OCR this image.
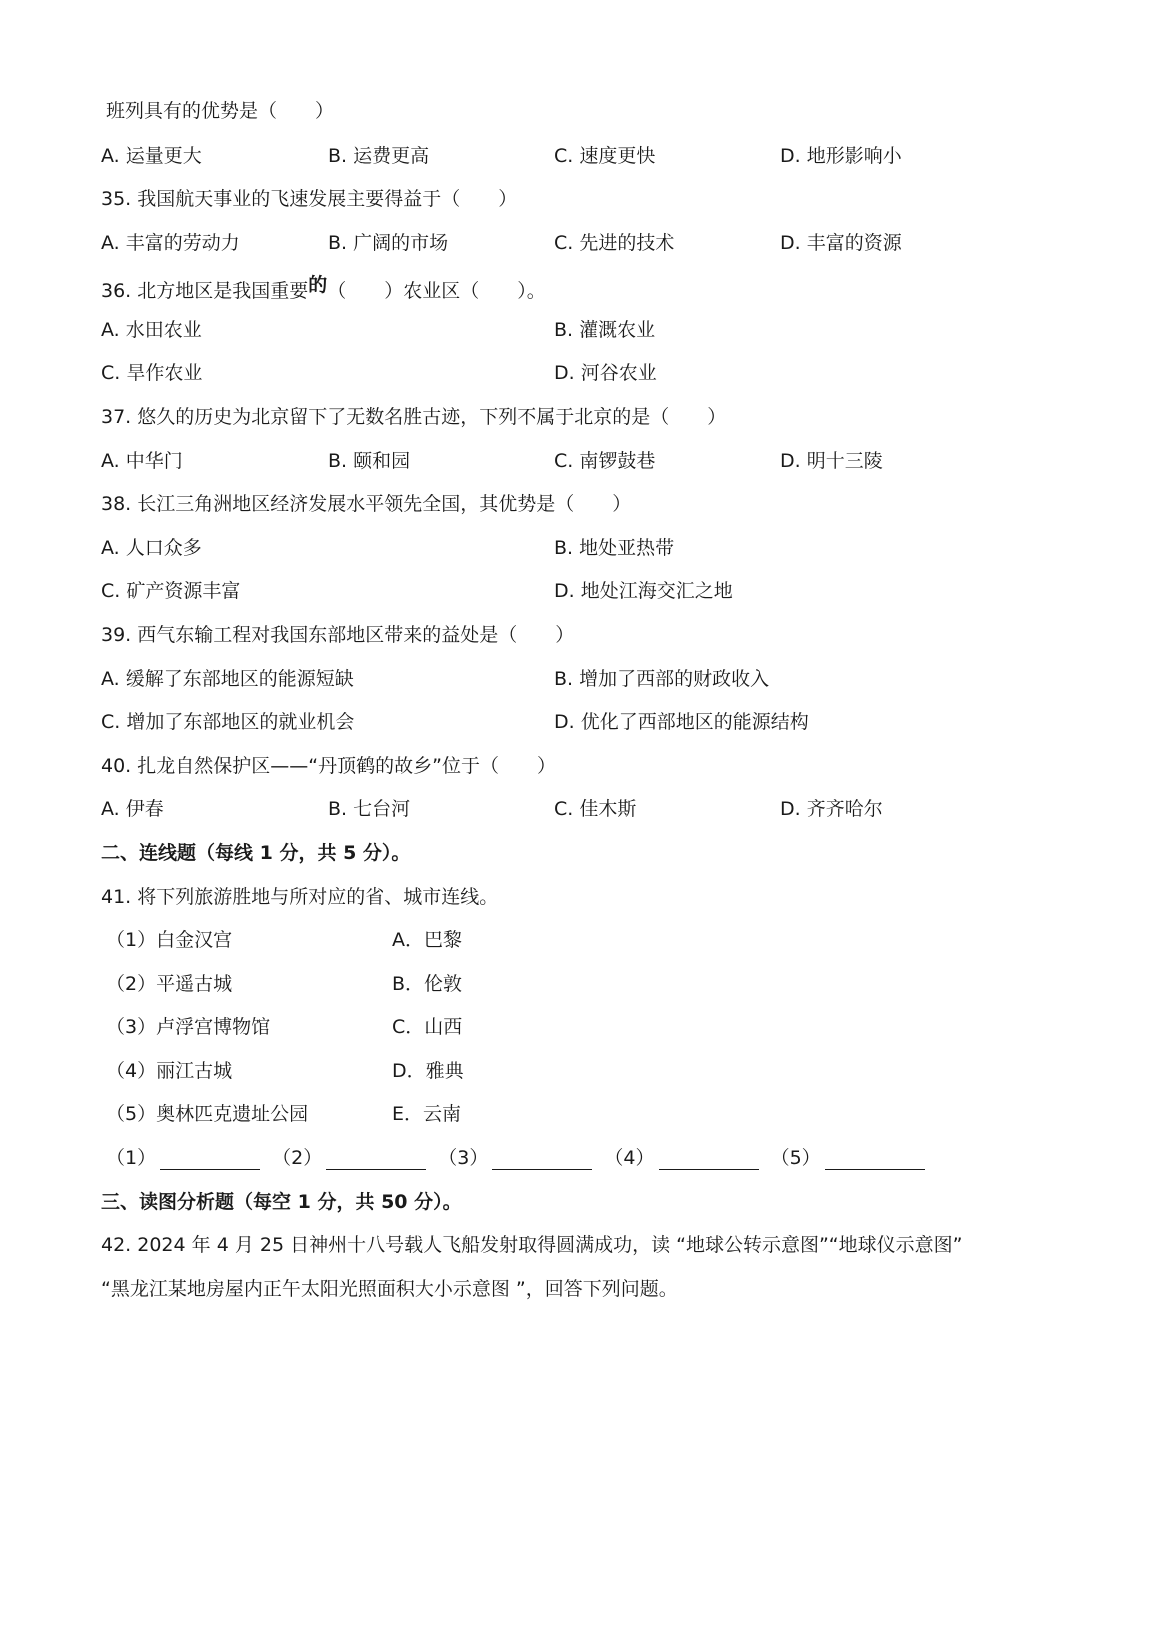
班列具有的优势是（　　）
A. 运量更大	B. 运费更高	C. 速度更快	D. 地形影响小
35. 我国航天事业的飞速发展主要得益于（　　）
A. 丰富的劳动力	B. 广阔的市场	C. 先进的技术	D. 丰富的资源
36. 北方地区是我国重要的（　　）农业区（　　）。
A. 水田农业	B. 灌溉农业
C. 旱作农业	D. 河谷农业
37. 悠久的历史为北京留下了无数名胜古迹，下列不属于北京的是（　　）
A. 中华门	B. 颐和园	C. 南锣鼓巷	D. 明十三陵
38. 长江三角洲地区经济发展水平领先全国，其优势是（　　）
A. 人口众多	B. 地处亚热带
C. 矿产资源丰富	D. 地处江海交汇之地
39. 西气东输工程对我国东部地区带来的益处是（　　）
A. 缓解了东部地区的能源短缺	B. 增加了西部的财政收入
C. 增加了东部地区的就业机会	D. 优化了西部地区的能源结构
40. 扎龙自然保护区——“丹顶鹤的故乡”位于（　　）
A. 伊春	B. 七台河	C. 佳木斯	D. 齐齐哈尔
二、连线题（每线 1 分，共 5 分）。
41. 将下列旅游胜地与所对应的省、城市连线。
（1）白金汉宫	A．巴黎
（2）平遥古城	B．伦敦
（3）卢浮宫博物馆	C．山西
（4）丽江古城	D．雅典
（5）奥林匹克遗址公园	E．云南
（1）	（2）	（3）	（4）	（5）
三、读图分析题（每空 1 分，共 50 分）。
42. 2024 年 4 月 25 日神州十八号载人飞船发射取得圆满成功，读 “地球公转示意图”“地球仪示意图”
“黑龙江某地房屋内正午太阳光照面积大小示意图 ”，回答下列问题。
